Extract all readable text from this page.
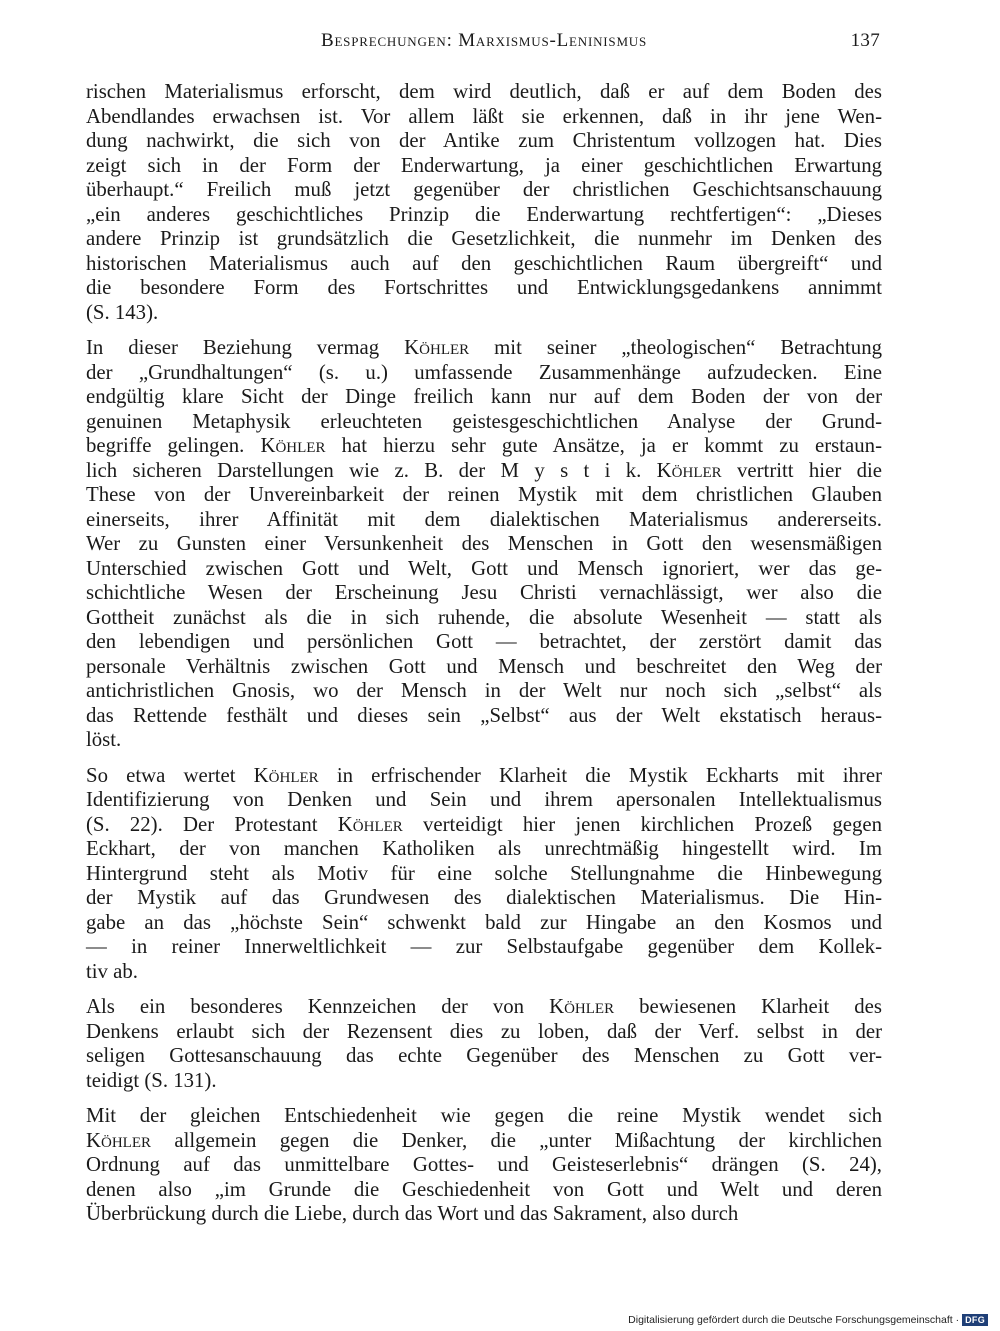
Besprechungen: Marxismus-Leninismus	137
rischen Materialismus erforscht, dem wird deutlich, daß er auf dem Boden des
Abendlandes erwachsen ist. Vor allem läßt sie erkennen, daß in ihr jene Wen-
dung nachwirkt, die sich von der Antike zum Christentum vollzogen hat. Dies
zeigt sich in der Form der Enderwartung, ja einer geschichtlichen Erwartung
überhaupt.“ Freilich muß jetzt gegenüber der christlichen Geschichtsanschauung
„ein anderes geschichtliches Prinzip die Enderwartung rechtfertigen“: „Dieses
andere Prinzip ist grundsätzlich die Gesetzlichkeit, die nunmehr im Denken des
historischen Materialismus auch auf den geschichtlichen Raum übergreift“ und
die besondere Form des Fortschrittes und Entwicklungsgedankens annimmt
(S. 143).
In dieser Beziehung vermag Köhler mit seiner „theologischen“ Betrachtung
der „Grundhaltungen“ (s. u.) umfassende Zusammenhänge aufzudecken. Eine
endgültig klare Sicht der Dinge freilich kann nur auf dem Boden der von der
genuinen Metaphysik erleuchteten geistesgeschichtlichen Analyse der Grund-
begriffe gelingen. Köhler hat hierzu sehr gute Ansätze, ja er kommt zu erstaun-
lich sicheren Darstellungen wie z. B. der M y s t i k. Köhler vertritt hier die
These von der Unvereinbarkeit der reinen Mystik mit dem christlichen Glauben
einerseits, ihrer Affinität mit dem dialektischen Materialismus andererseits.
Wer zu Gunsten einer Versunkenheit des Menschen in Gott den wesensmäßigen
Unterschied zwischen Gott und Welt, Gott und Mensch ignoriert, wer das ge-
schichtliche Wesen der Erscheinung Jesu Christi vernachlässigt, wer also die
Gottheit zunächst als die in sich ruhende, die absolute Wesenheit — statt als
den lebendigen und persönlichen Gott — betrachtet, der zerstört damit das
personale Verhältnis zwischen Gott und Mensch und beschreitet den Weg der
antichristlichen Gnosis, wo der Mensch in der Welt nur noch sich „selbst“ als
das Rettende festhält und dieses sein „Selbst“ aus der Welt ekstatisch heraus-
löst.
So etwa wertet Köhler in erfrischender Klarheit die Mystik Eckharts mit ihrer
Identifizierung von Denken und Sein und ihrem apersonalen Intellektualismus
(S. 22). Der Protestant Köhler verteidigt hier jenen kirchlichen Prozeß gegen
Eckhart, der von manchen Katholiken als unrechtmäßig hingestellt wird. Im
Hintergrund steht als Motiv für eine solche Stellungnahme die Hinbewegung
der Mystik auf das Grundwesen des dialektischen Materialismus. Die Hin-
gabe an das „höchste Sein“ schwenkt bald zur Hingabe an den Kosmos und
— in reiner Innerweltlichkeit — zur Selbstaufgabe gegenüber dem Kollek-
tiv ab.
Als ein besonderes Kennzeichen der von Köhler bewiesenen Klarheit des
Denkens erlaubt sich der Rezensent dies zu loben, daß der Verf. selbst in der
seligen Gottesanschauung das echte Gegenüber des Menschen zu Gott ver-
teidigt (S. 131).
Mit der gleichen Entschiedenheit wie gegen die reine Mystik wendet sich
Köhler allgemein gegen die Denker, die „unter Mißachtung der kirchlichen
Ordnung auf das unmittelbare Gottes- und Geisteserlebnis“ drängen (S. 24),
denen also „im Grunde die Geschiedenheit von Gott und Welt und deren
Überbrückung durch die Liebe, durch das Wort und das Sakrament, also durch
Digitalisierung gefördert durch die Deutsche Forschungsgemeinschaft · DFG
